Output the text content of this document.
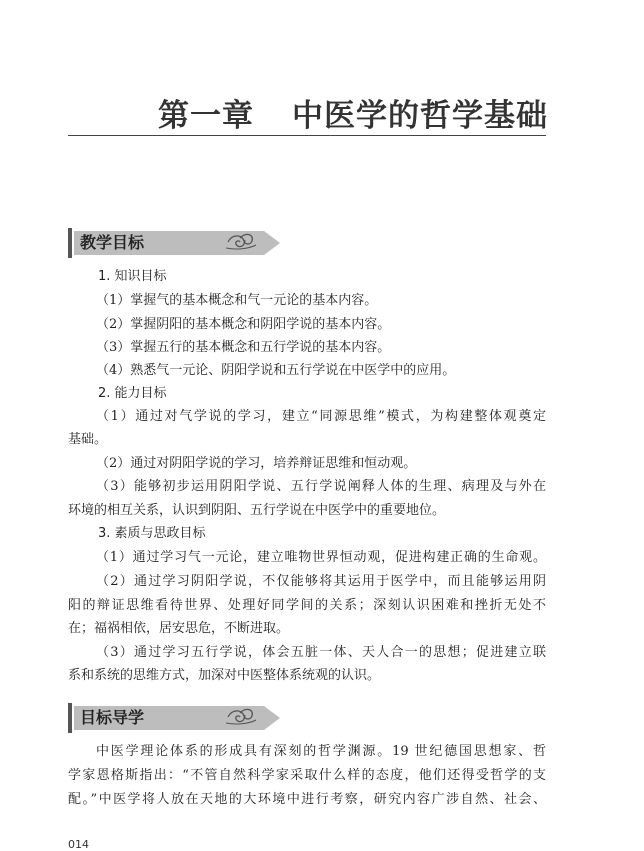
第一章 中医学的哲学基础
教学目标
1. 知识目标
（1）掌握气的基本概念和气一元论的基本内容。
（2）掌握阴阳的基本概念和阴阳学说的基本内容。
（3）掌握五行的基本概念和五行学说的基本内容。
（4）熟悉气一元论、阴阳学说和五行学说在中医学中的应用。
2. 能力目标
（1）通过对气学说的学习，建立“同源思维”模式，为构建整体观奠定
基础。
（2）通过对阴阳学说的学习，培养辩证思维和恒动观。
（3）能够初步运用阴阳学说、五行学说阐释人体的生理、病理及与外在
环境的相互关系，认识到阴阳、五行学说在中医学中的重要地位。
3. 素质与思政目标
（1）通过学习气一元论，建立唯物世界恒动观，促进构建正确的生命观。
（2）通过学习阴阳学说，不仅能够将其运用于医学中，而且能够运用阴
阳的辩证思维看待世界、处理好同学间的关系；深刻认识困难和挫折无处不
在；福祸相依，居安思危，不断进取。
（3）通过学习五行学说，体会五脏一体、天人合一的思想；促进建立联
系和系统的思维方式，加深对中医整体系统观的认识。
目标导学
中医学理论体系的形成具有深刻的哲学渊源。19 世纪德国思想家、哲
学家恩格斯指出：“不管自然科学家采取什么样的态度，他们还得受哲学的支
配。”中医学将人放在天地的大环境中进行考察，研究内容广涉自然、社会、
014
